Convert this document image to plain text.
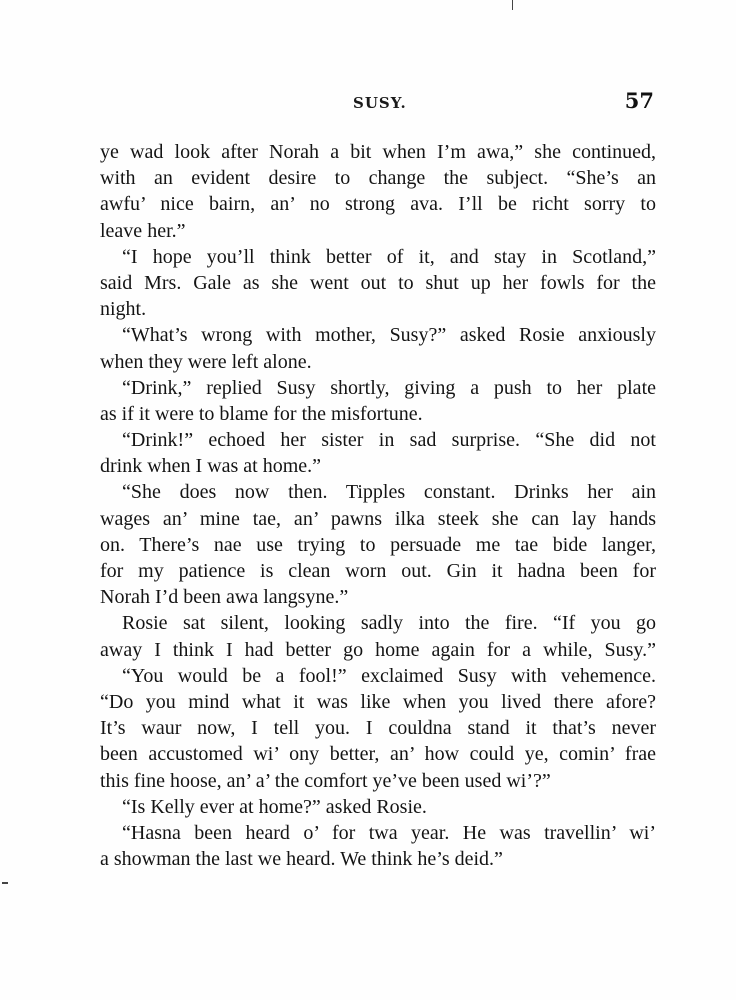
SUSY.	57
ye wad look after Norah a bit when I’m awa,” she continued,
with an evident desire to change the subject. “She’s an
awfu’ nice bairn, an’ no strong ava. I’ll be richt sorry to
leave her.”
“I hope you’ll think better of it, and stay in Scotland,”
said Mrs. Gale as she went out to shut up her fowls for the
night.
“What’s wrong with mother, Susy?” asked Rosie anxiously
when they were left alone.
“Drink,” replied Susy shortly, giving a push to her plate
as if it were to blame for the misfortune.
“Drink!” echoed her sister in sad surprise. “She did not
drink when I was at home.”
“She does now then. Tipples constant. Drinks her ain
wages an’ mine tae, an’ pawns ilka steek she can lay hands
on. There’s nae use trying to persuade me tae bide langer,
for my patience is clean worn out. Gin it hadna been for
Norah I’d been awa langsyne.”
Rosie sat silent, looking sadly into the fire. “If you go
away I think I had better go home again for a while, Susy.”
“You would be a fool!” exclaimed Susy with vehemence.
“Do you mind what it was like when you lived there afore?
It’s waur now, I tell you. I couldna stand it that’s never
been accustomed wi’ ony better, an’ how could ye, comin’ frae
this fine hoose, an’ a’ the comfort ye’ve been used wi’?”
“Is Kelly ever at home?” asked Rosie.
“Hasna been heard o’ for twa year. He was travellin’ wi’
a showman the last we heard. We think he’s deid.”
